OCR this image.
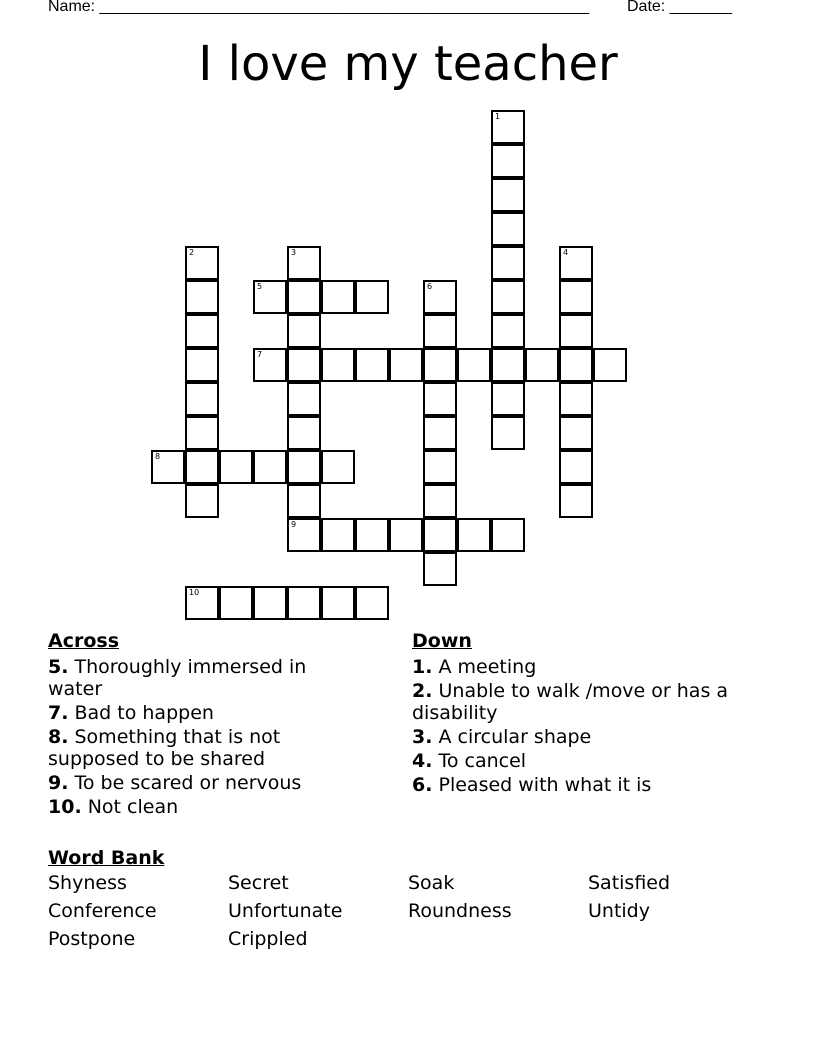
Name: _______________________________________________________ Date: _______
I love my teacher
1
2	3
9
4
5	6
7
8
10
Across
5. Thoroughly immersed in water
7. Bad to happen
8. Something that is not supposed to be shared
9. To be scared or nervous
10. Not clean
Down
1. A meeting
2. Unable to walk /move or has a disability
3. A circular shape
4. To cancel
6. Pleased with what it is
Word Bank
Shyness	Secret	Soak	Satisfied
Conference	Unfortunate	Roundness	Untidy
Postpone	Crippled
